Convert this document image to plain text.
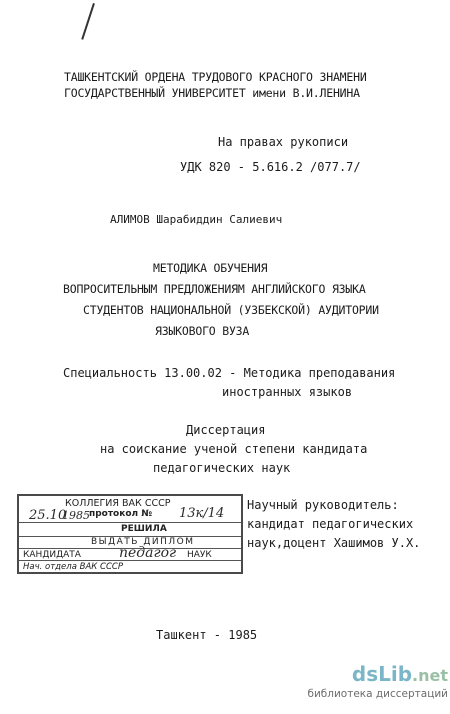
ТАШКЕНТСКИЙ ОРДЕНА ТРУДОВОГО КРАСНОГО ЗНАМЕНИ
ГОСУДАРСТВЕННЫЙ УНИВЕРСИТЕТ имени В.И.ЛЕНИНА
На правах рукописи
УДК 820 - 5.616.2 /077.7/
АЛИМОВ Шарабиддин Салиевич
МЕТОДИКА ОБУЧЕНИЯ
ВОПРОСИТЕЛЬНЫМ ПРЕДЛОЖЕНИЯМ АНГЛИЙСКОГО ЯЗЫКА
СТУДЕНТОВ НАЦИОНАЛЬНОЙ (УЗБЕКСКОЙ) АУДИТОРИИ
ЯЗЫКОВОГО ВУЗА
Специальность 13.00.02 - Методика преподавания
иностранных языков
Диссертация
на соискание ученой степени кандидата
педагогических наук
КОЛЛЕГИЯ ВАК СССР
протокол №
РЕШИЛА
ВЫДАТЬ ДИПЛОМ
КАНДИДАТА	НАУК
Нач. отдела ВАК СССР
25.10
1985	13к/14
педагог
Научный руководитель:
кандидат педагогических
наук,доцент Хашимов У.Х.
Ташкент - 1985
dsLib.net
библиотека диссертаций
